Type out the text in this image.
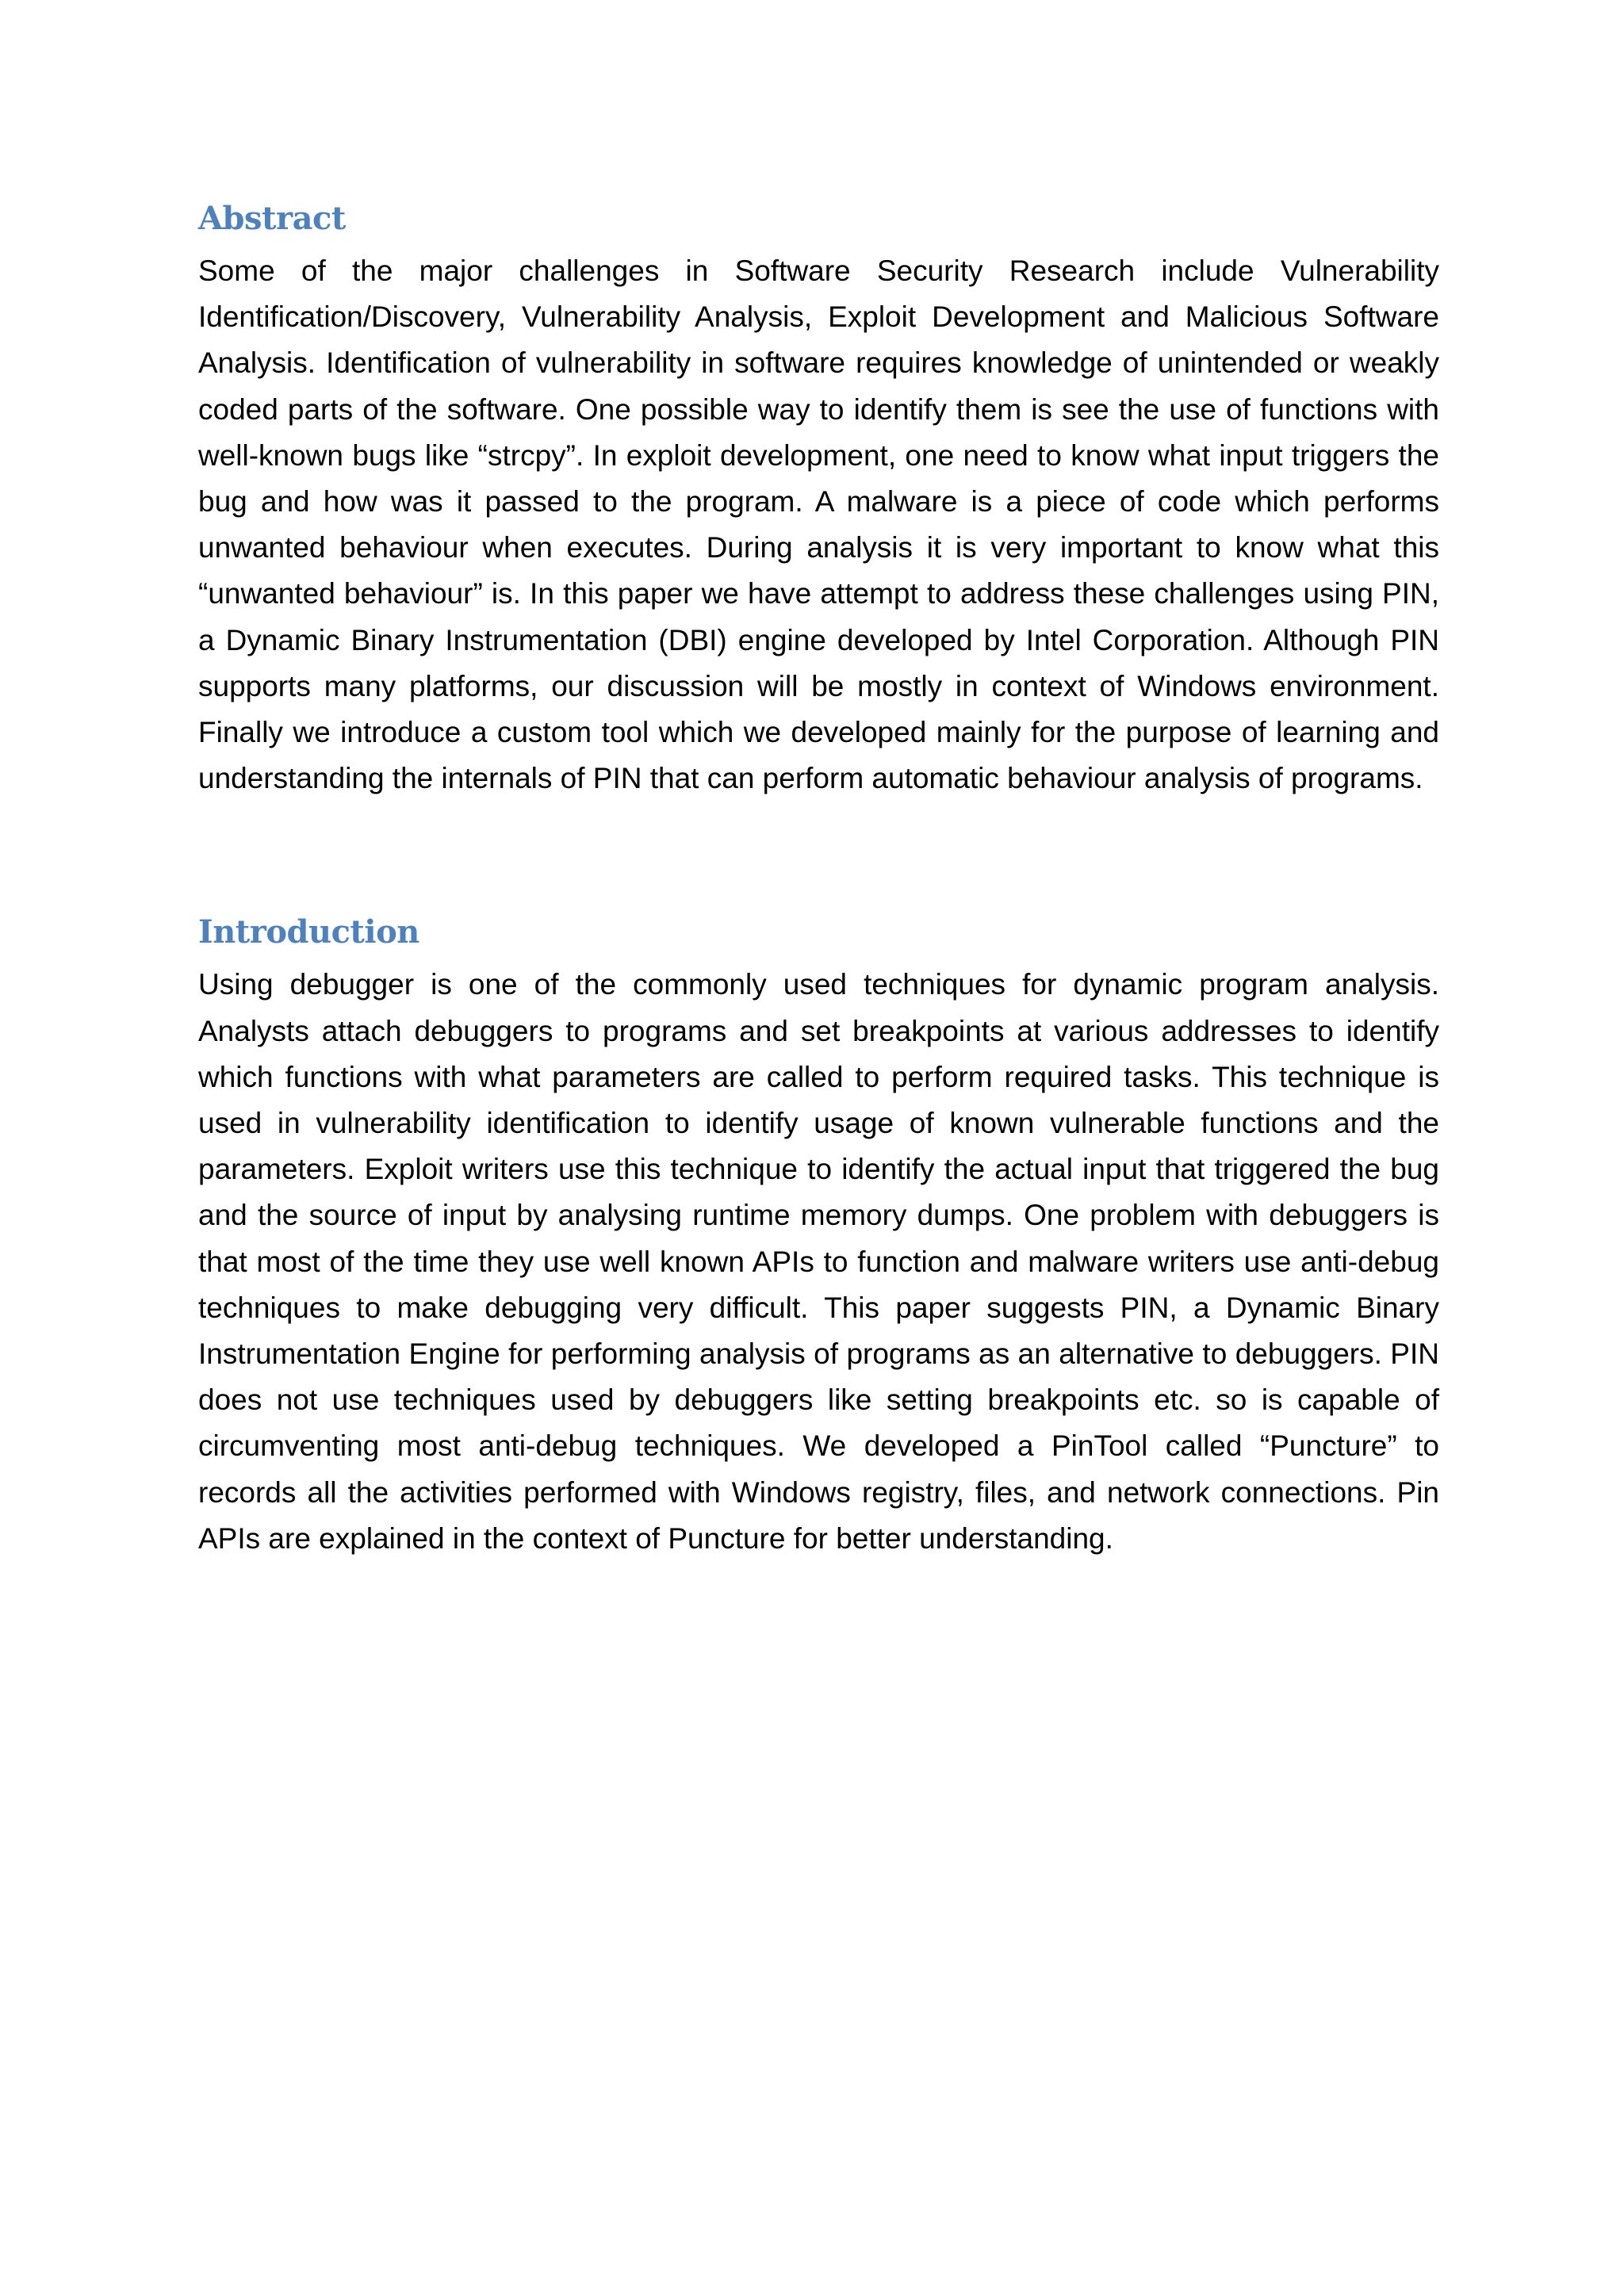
Abstract

Some of the major challenges in Software Security Research include Vulnerability Identification/Discovery, Vulnerability Analysis, Exploit Development and Malicious Software Analysis. Identification of vulnerability in software requires knowledge of unintended or weakly coded parts of the software. One possible way to identify them is see the use of functions with well-known bugs like “strcpy”. In exploit development, one need to know what input triggers the bug and how was it passed to the program. A malware is a piece of code which performs unwanted behaviour when executes. During analysis it is very important to know what this “unwanted behaviour” is. In this paper we have attempt to address these challenges using PIN, a Dynamic Binary Instrumentation (DBI) engine developed by Intel Corporation. Although PIN supports many platforms, our discussion will be mostly in context of Windows environment. Finally we introduce a custom tool which we developed mainly for the purpose of learning and understanding the internals of PIN that can perform automatic behaviour analysis of programs.

Introduction

Using debugger is one of the commonly used techniques for dynamic program analysis. Analysts attach debuggers to programs and set breakpoints at various addresses to identify which functions with what parameters are called to perform required tasks. This technique is used in vulnerability identification to identify usage of known vulnerable functions and the parameters. Exploit writers use this technique to identify the actual input that triggered the bug and the source of input by analysing runtime memory dumps. One problem with debuggers is that most of the time they use well known APIs to function and malware writers use anti-debug techniques to make debugging very difficult. This paper suggests PIN, a Dynamic Binary Instrumentation Engine for performing analysis of programs as an alternative to debuggers. PIN does not use techniques used by debuggers like setting breakpoints etc. so is capable of circumventing most anti-debug techniques. We developed a PinTool called “Puncture” to records all the activities performed with Windows registry, files, and network connections. Pin APIs are explained in the context of Puncture for better understanding.
